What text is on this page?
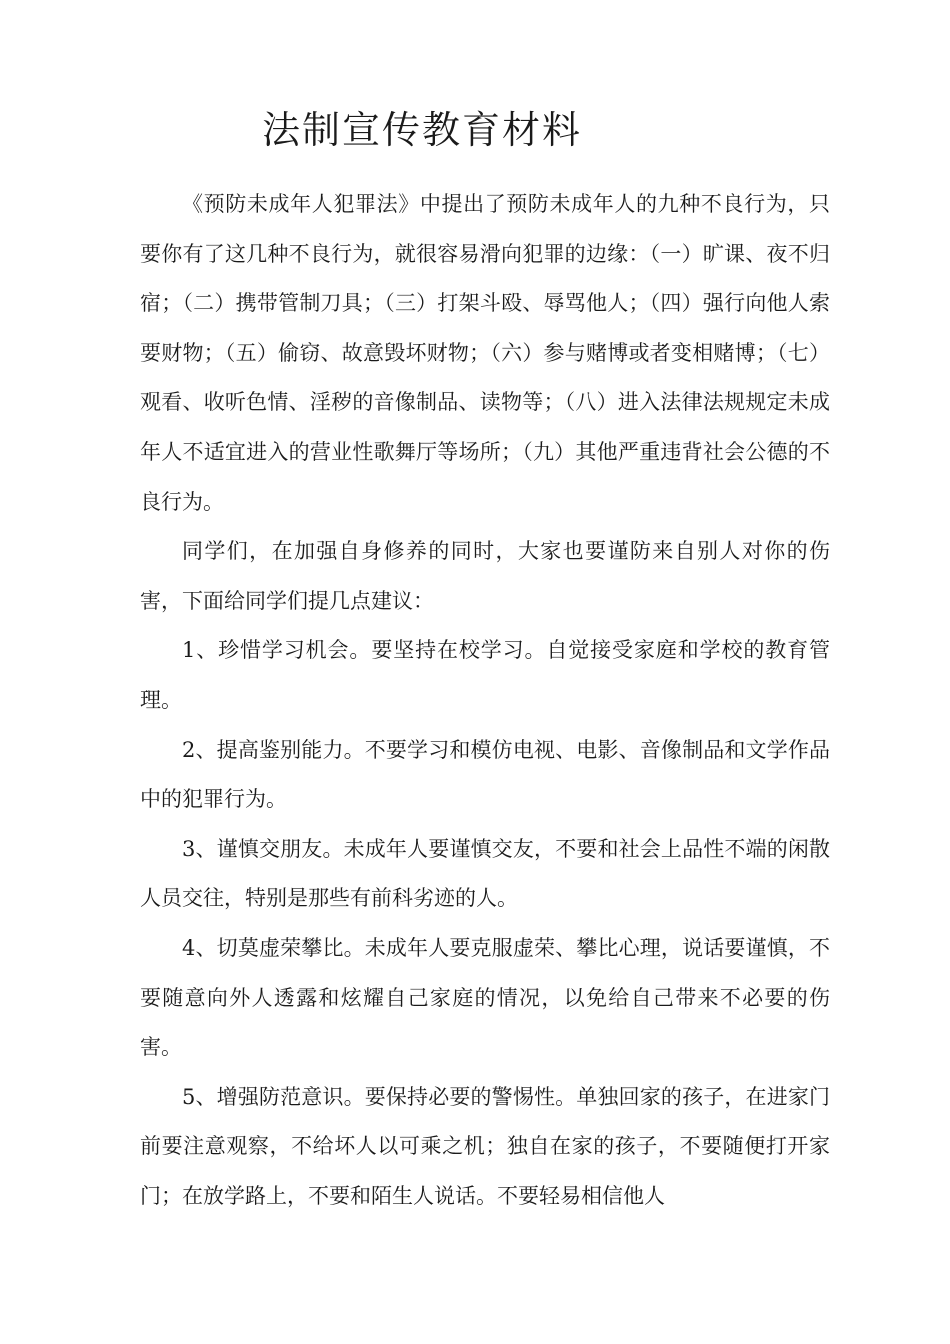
法制宣传教育材料

《预防未成年人犯罪法》中提出了预防未成年人的九种不良行为，只要你有了这几种不良行为，就很容易滑向犯罪的边缘：（一）旷课、夜不归宿；（二）携带管制刀具；（三）打架斗殴、辱骂他人；（四）强行向他人索要财物；（五）偷窃、故意毁坏财物；（六）参与赌博或者变相赌博；（七）观看、收听色情、淫秽的音像制品、读物等；（八）进入法律法规规定未成年人不适宜进入的营业性歌舞厅等场所；（九）其他严重违背社会公德的不良行为。

同学们，在加强自身修养的同时，大家也要谨防来自别人对你的伤害，下面给同学们提几点建议：

1、珍惜学习机会。要坚持在校学习。自觉接受家庭和学校的教育管理。

2、提高鉴别能力。不要学习和模仿电视、电影、音像制品和文学作品中的犯罪行为。

3、谨慎交朋友。未成年人要谨慎交友，不要和社会上品性不端的闲散人员交往，特别是那些有前科劣迹的人。

4、切莫虚荣攀比。未成年人要克服虚荣、攀比心理，说话要谨慎，不要随意向外人透露和炫耀自己家庭的情况，以免给自己带来不必要的伤害。

5、增强防范意识。要保持必要的警惕性。单独回家的孩子，在进家门前要注意观察，不给坏人以可乘之机；独自在家的孩子，不要随便打开家门；在放学路上，不要和陌生人说话。不要轻易相信他人
